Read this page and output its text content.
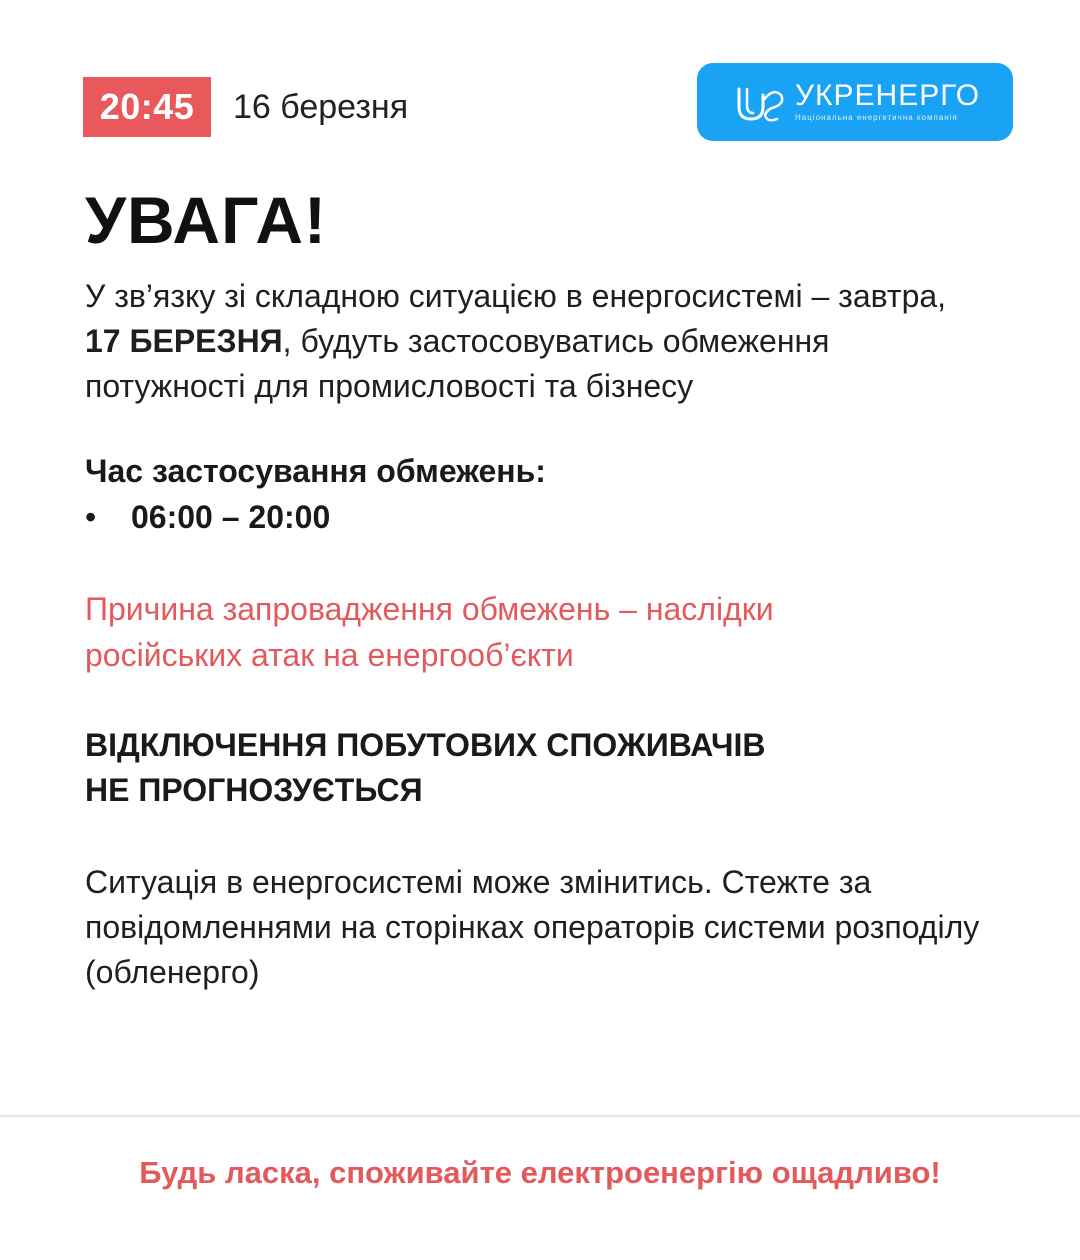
20:45	16 березня	УКРЕНЕРГО
Національна енергетична компанія
УВАГА!
У зв’язку зі складною ситуацією в енергосистемі – завтра, 17 БЕРЕЗНЯ, будуть застосовуватись обмеження потужності для промисловості та бізнесу
Час застосування обмежень:
• 06:00 – 20:00
Причина запровадження обмежень – наслідки
російських атак на енергооб’єкти
ВІДКЛЮЧЕННЯ ПОБУТОВИХ СПОЖИВАЧІВ
НЕ ПРОГНОЗУЄТЬСЯ
Ситуація в енергосистемі може змінитись. Стежте за повідомленнями на сторінках операторів системи розподілу (обленерго)
Будь ласка, споживайте електроенергію ощадливо!
